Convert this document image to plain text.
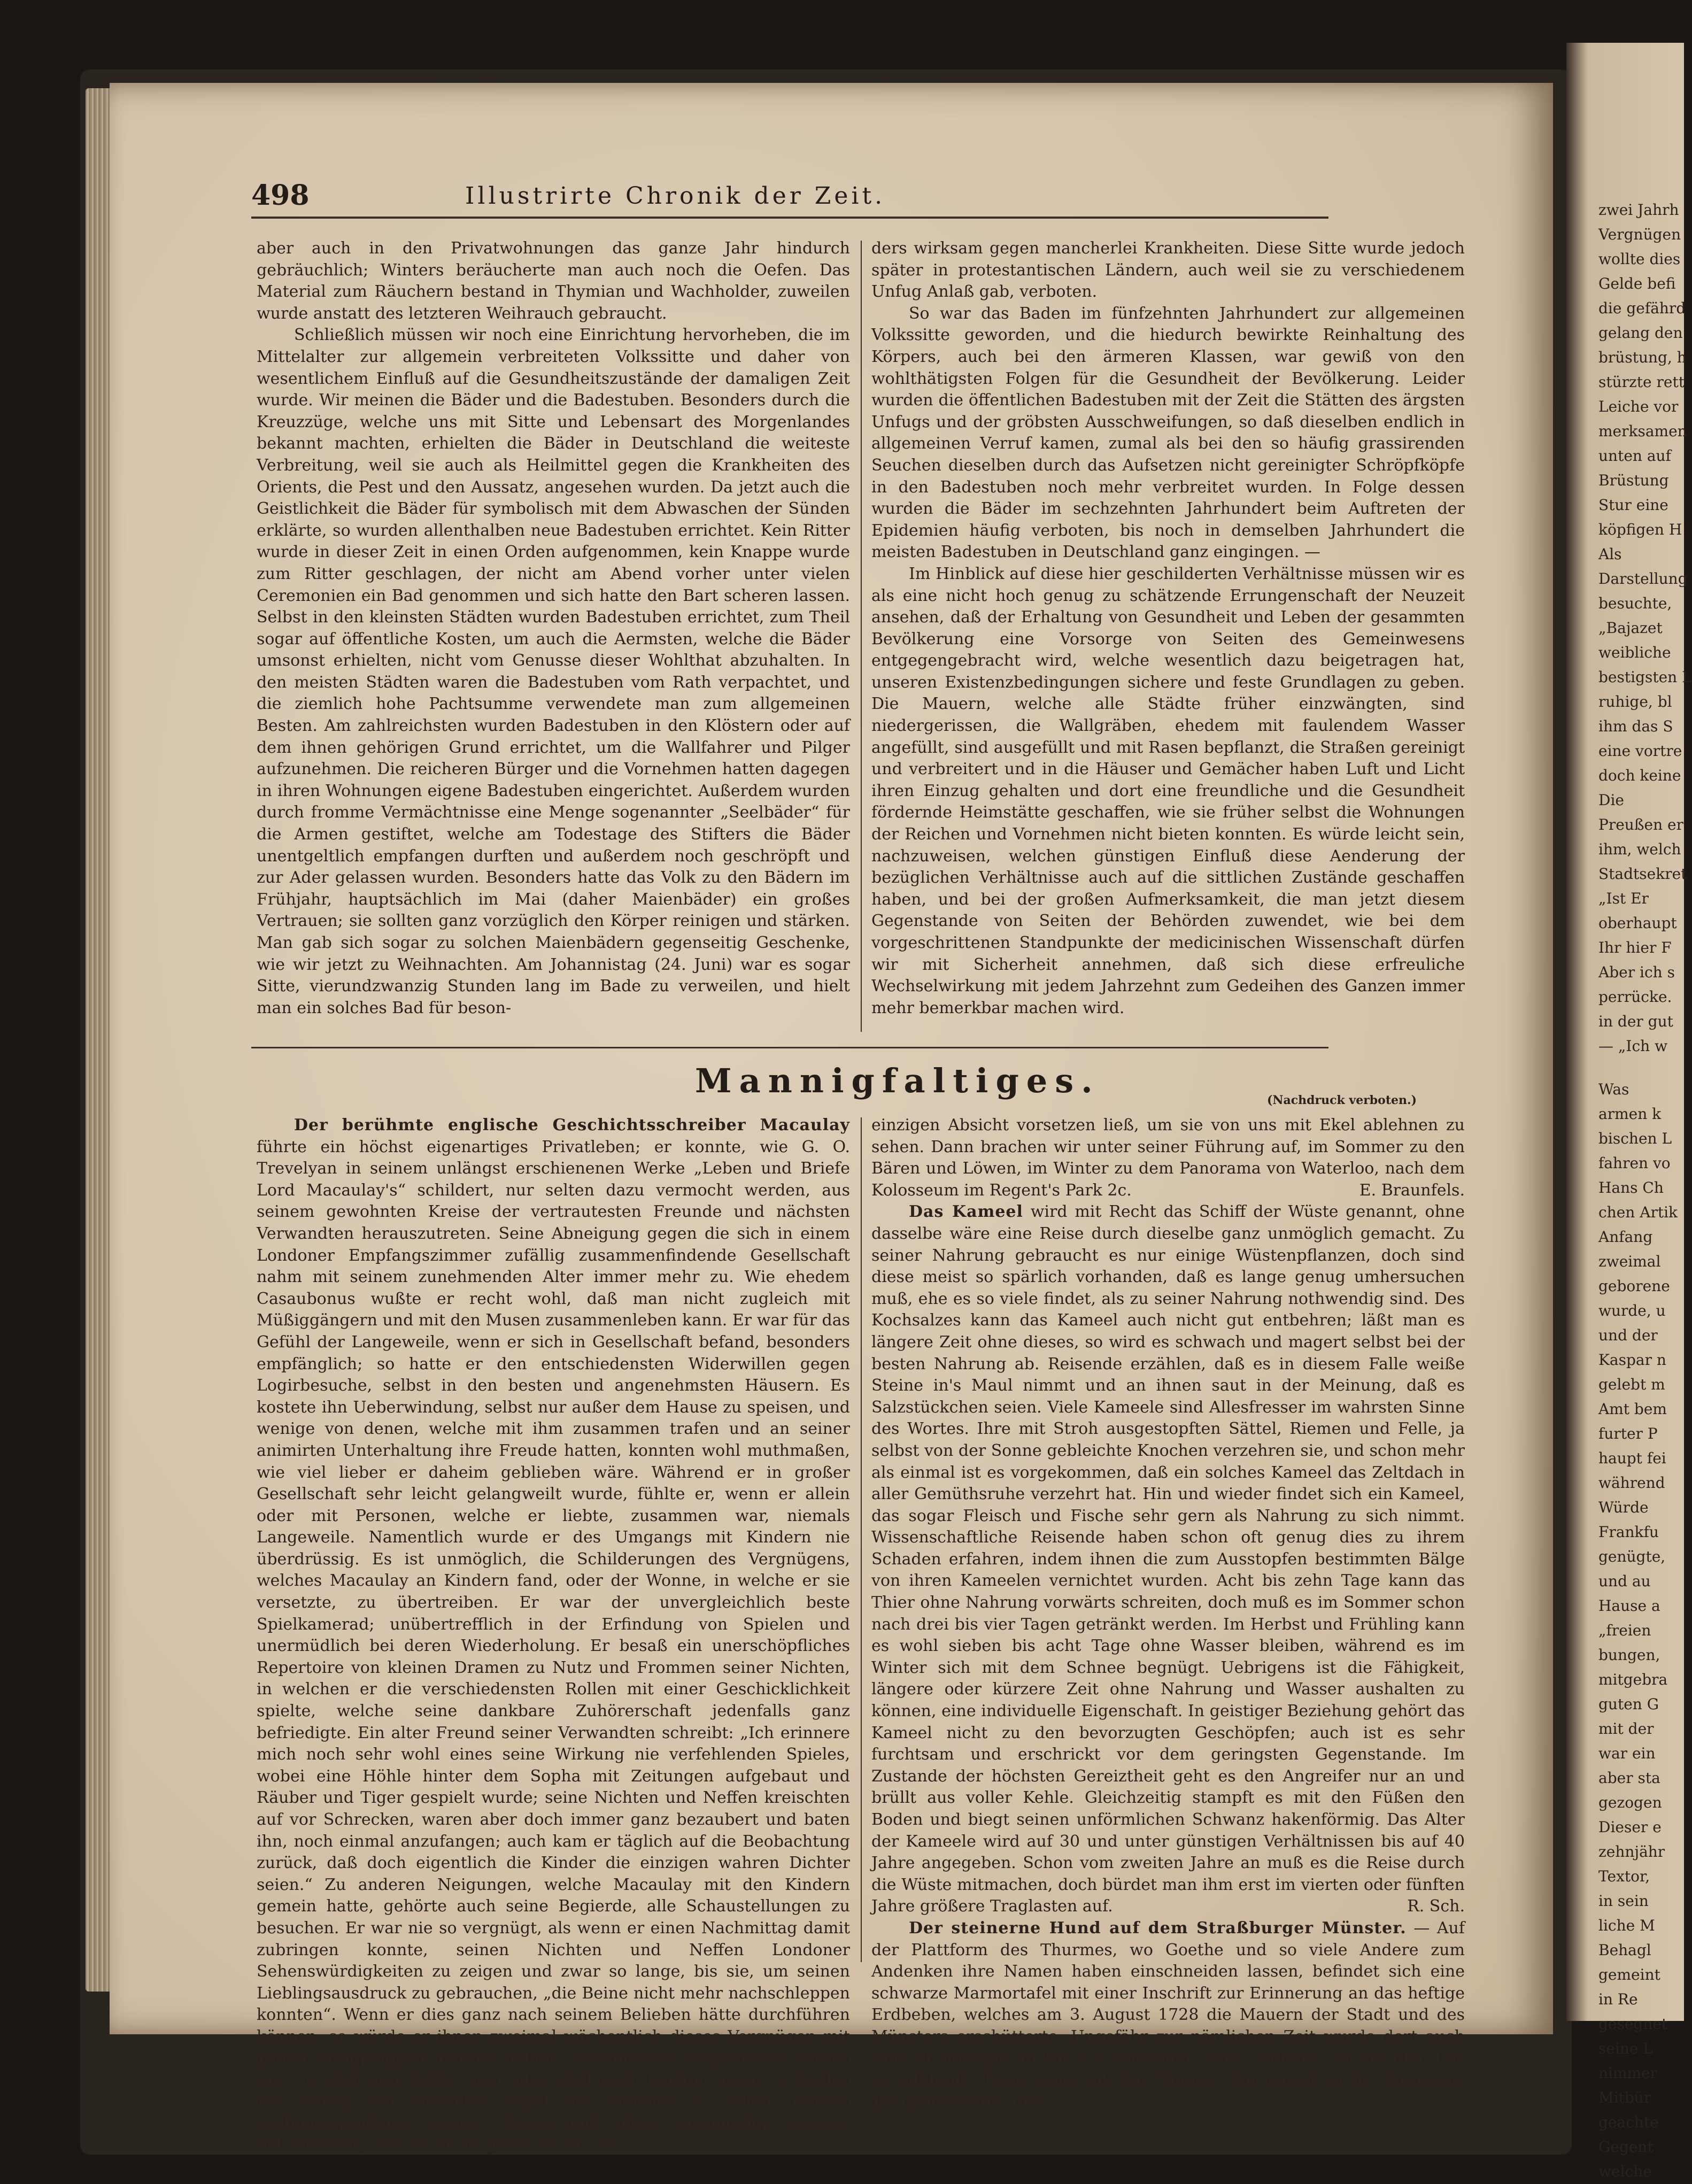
zwei Jahrh
Vergnügen
wollte dies
Gelde befi
die gefährd
gelang den
brüstung,
stürzte rett
Leiche vor
merksamen
unten auf
Brüstung
Stur eine
köpfigen H
Als
Darstellung
besuchte,
„Bajazet
weibliche
bestigsten L
ruhige, bl
ihm das S
eine vortre
doch keine
Die
Preußen er
ihm, welch
Stadtsekret
„Ist Er
oberhaupt
Ihr hier F
Aber ich s
perrücke.
in der gut
— „Ich w
Was
armen k
bischen L
fahren vo
Hans Ch
chen Artik
Anfang
zweimal
geborene
wurde, u
und der
Kaspar n
gelebt m
Amt bem
furter P
haupt fei
während
Würde
Frankfu
genügte,
und au
Hause a
„freien
bungen,
mitgebra
guten G
mit der
war ein
aber sta
gezogen
Dieser e
zehnjähr
Textor,
in sein
liche M
Behagl
gemeint
in Re
gesegnet
seine L
nimmer
Mitbür
geachte
Gegent
welche
498	Illustrirte Chronik der Zeit.

aber auch in den Privatwohnungen das ganze Jahr hindurch gebräuchlich; Winters beräucherte man auch noch die Oefen. Das Material zum Räuchern bestand in Thymian und Wachholder, zuweilen wurde anstatt des letzteren Weihrauch gebraucht.

Schließlich müssen wir noch eine Einrichtung hervorheben, die im Mittelalter zur allgemein verbreiteten Volkssitte und daher von wesentlichem Einfluß auf die Gesundheitszustände der damaligen Zeit wurde. Wir meinen die Bäder und die Badestuben. Besonders durch die Kreuzzüge, welche uns mit Sitte und Lebensart des Morgenlandes bekannt machten, erhielten die Bäder in Deutschland die weiteste Verbreitung, weil sie auch als Heilmittel gegen die Krankheiten des Orients, die Pest und den Aussatz, angesehen wurden. Da jetzt auch die Geistlichkeit die Bäder für symbolisch mit dem Abwaschen der Sünden erklärte, so wurden allenthalben neue Badestuben errichtet. Kein Ritter wurde in dieser Zeit in einen Orden aufgenommen, kein Knappe wurde zum Ritter geschlagen, der nicht am Abend vorher unter vielen Ceremonien ein Bad genommen und sich hatte den Bart scheren lassen. Selbst in den kleinsten Städten wurden Badestuben errichtet, zum Theil sogar auf öffentliche Kosten, um auch die Aermsten, welche die Bäder umsonst erhielten, nicht vom Genusse dieser Wohlthat abzuhalten. In den meisten Städten waren die Badestuben vom Rath verpachtet, und die ziemlich hohe Pachtsumme verwendete man zum allgemeinen Besten. Am zahlreichsten wurden Badestuben in den Klöstern oder auf dem ihnen gehörigen Grund errichtet, um die Wallfahrer und Pilger aufzunehmen. Die reicheren Bürger und die Vornehmen hatten dagegen in ihren Wohnungen eigene Badestuben eingerichtet. Außerdem wurden durch fromme Vermächtnisse eine Menge sogenannter „Seelbäder“ für die Armen gestiftet, welche am Todestage des Stifters die Bäder unentgeltlich empfangen durften und außerdem noch geschröpft und zur Ader gelassen wurden. Besonders hatte das Volk zu den Bädern im Frühjahr, hauptsächlich im Mai (daher Maienbäder) ein großes Vertrauen; sie sollten ganz vorzüglich den Körper reinigen und stärken. Man gab sich sogar zu solchen Maienbädern gegenseitig Geschenke, wie wir jetzt zu Weihnachten. Am Johannistag (24. Juni) war es sogar Sitte, vierundzwanzig Stunden lang im Bade zu verweilen, und hielt man ein solches Bad für beson-

ders wirksam gegen mancherlei Krankheiten. Diese Sitte wurde jedoch später in protestantischen Ländern, auch weil sie zu verschiedenem Unfug Anlaß gab, verboten.

So war das Baden im fünfzehnten Jahrhundert zur allgemeinen Volkssitte geworden, und die hiedurch bewirkte Reinhaltung des Körpers, auch bei den ärmeren Klassen, war gewiß von den wohlthätigsten Folgen für die Gesundheit der Bevölkerung. Leider wurden die öffentlichen Badestuben mit der Zeit die Stätten des ärgsten Unfugs und der gröbsten Ausschweifungen, so daß dieselben endlich in allgemeinen Verruf kamen, zumal als bei den so häufig grassirenden Seuchen dieselben durch das Aufsetzen nicht gereinigter Schröpfköpfe in den Badestuben noch mehr verbreitet wurden. In Folge dessen wurden die Bäder im sechzehnten Jahrhundert beim Auftreten der Epidemien häufig verboten, bis noch in demselben Jahrhundert die meisten Badestuben in Deutschland ganz eingingen. —

Im Hinblick auf diese hier geschilderten Verhältnisse müssen wir es als eine nicht hoch genug zu schätzende Errungenschaft der Neuzeit ansehen, daß der Erhaltung von Gesundheit und Leben der gesammten Bevölkerung eine Vorsorge von Seiten des Gemeinwesens entgegengebracht wird, welche wesentlich dazu beigetragen hat, unseren Existenzbedingungen sichere und feste Grundlagen zu geben. Die Mauern, welche alle Städte früher einzwängten, sind niedergerissen, die Wallgräben, ehedem mit faulendem Wasser angefüllt, sind ausgefüllt und mit Rasen bepflanzt, die Straßen gereinigt und verbreitert und in die Häuser und Gemächer haben Luft und Licht ihren Einzug gehalten und dort eine freundliche und die Gesundheit fördernde Heimstätte geschaffen, wie sie früher selbst die Wohnungen der Reichen und Vornehmen nicht bieten konnten. Es würde leicht sein, nachzuweisen, welchen günstigen Einfluß diese Aenderung der bezüglichen Verhältnisse auch auf die sittlichen Zustände geschaffen haben, und bei der großen Aufmerksamkeit, die man jetzt diesem Gegenstande von Seiten der Behörden zuwendet, wie bei dem vorgeschrittenen Standpunkte der medicinischen Wissenschaft dürfen wir mit Sicherheit annehmen, daß sich diese erfreuliche Wechselwirkung mit jedem Jahrzehnt zum Gedeihen des Ganzen immer mehr bemerkbar machen wird.

Mannigfaltiges.	(Nachdruck verboten.)

Der berühmte englische Geschichtsschreiber Macaulay führte ein höchst eigenartiges Privatleben; er konnte, wie G. O. Trevelyan in seinem unlängst erschienenen Werke „Leben und Briefe Lord Macaulay's“ schildert, nur selten dazu vermocht werden, aus seinem gewohnten Kreise der vertrautesten Freunde und nächsten Verwandten herauszutreten. Seine Abneigung gegen die sich in einem Londoner Empfangszimmer zufällig zusammenfindende Gesellschaft nahm mit seinem zunehmenden Alter immer mehr zu. Wie ehedem Casaubonus wußte er recht wohl, daß man nicht zugleich mit Müßiggängern und mit den Musen zusammenleben kann. Er war für das Gefühl der Langeweile, wenn er sich in Gesellschaft befand, besonders empfänglich; so hatte er den entschiedensten Widerwillen gegen Logirbesuche, selbst in den besten und angenehmsten Häusern. Es kostete ihn Ueberwindung, selbst nur außer dem Hause zu speisen, und wenige von denen, welche mit ihm zusammen trafen und an seiner animirten Unterhaltung ihre Freude hatten, konnten wohl muthmaßen, wie viel lieber er daheim geblieben wäre. Während er in großer Gesellschaft sehr leicht gelangweilt wurde, fühlte er, wenn er allein oder mit Personen, welche er liebte, zusammen war, niemals Langeweile. Namentlich wurde er des Umgangs mit Kindern nie überdrüssig. Es ist unmöglich, die Schilderungen des Vergnügens, welches Macaulay an Kindern fand, oder der Wonne, in welche er sie versetzte, zu übertreiben. Er war der unvergleichlich beste Spielkamerad; unübertrefflich in der Erfindung von Spielen und unermüdlich bei deren Wiederholung. Er besaß ein unerschöpfliches Repertoire von kleinen Dramen zu Nutz und Frommen seiner Nichten, in welchen er die verschiedensten Rollen mit einer Geschicklichkeit spielte, welche seine dankbare Zuhörerschaft jedenfalls ganz befriedigte. Ein alter Freund seiner Verwandten schreibt: „Ich erinnere mich noch sehr wohl eines seine Wirkung nie verfehlenden Spieles, wobei eine Höhle hinter dem Sopha mit Zeitungen aufgebaut und Räuber und Tiger gespielt wurde; seine Nichten und Neffen kreischten auf vor Schrecken, waren aber doch immer ganz bezaubert und baten ihn, noch einmal anzufangen; auch kam er täglich auf die Beobachtung zurück, daß doch eigentlich die Kinder die einzigen wahren Dichter seien.“ Zu anderen Neigungen, welche Macaulay mit den Kindern gemein hatte, gehörte auch seine Begierde, alle Schaustellungen zu besuchen. Er war nie so vergnügt, als wenn er einen Nachmittag damit zubringen konnte, seinen Nichten und Neffen Londoner Sehenswürdigkeiten zu zeigen und zwar so lange, bis sie, um seinen Lieblingsausdruck zu gebrauchen, „die Beine nicht mehr nachschleppen konnten“. Wenn er dies ganz nach seinem Belieben hätte durchführen können, so würde er ihnen zweimal wöchentlich dieses Vergnügen mit großer Freigebigkeit bereitet haben. „Bei diesen Gelegenheiten fuhren wir“, erzählt sein Neffe, „bei guter Zeit nach London hinein, erhielten um Mittag ein köstliches Mahl, bei welchem zu allen unseren Lieblingsgerichten Austern, Kaviar und Oliven hinzugefügt wurden, Delikatessen, welche er uns jedes Mal in der

einzigen Absicht vorsetzen ließ, um sie von uns mit Ekel ablehnen zu sehen. Dann brachen wir unter seiner Führung auf, im Sommer zu den Bären und Löwen, im Winter zu dem Panorama von Waterloo, nach dem Kolosseum im Regent's Park 2c.	E. Braunfels.

Das Kameel wird mit Recht das Schiff der Wüste genannt, ohne dasselbe wäre eine Reise durch dieselbe ganz unmöglich gemacht. Zu seiner Nahrung gebraucht es nur einige Wüstenpflanzen, doch sind diese meist so spärlich vorhanden, daß es lange genug umhersuchen muß, ehe es so viele findet, als zu seiner Nahrung nothwendig sind. Des Kochsalzes kann das Kameel auch nicht gut entbehren; läßt man es längere Zeit ohne dieses, so wird es schwach und magert selbst bei der besten Nahrung ab. Reisende erzählen, daß es in diesem Falle weiße Steine in's Maul nimmt und an ihnen saut in der Meinung, daß es Salzstückchen seien. Viele Kameele sind Allesfresser im wahrsten Sinne des Wortes. Ihre mit Stroh ausgestopften Sättel, Riemen und Felle, ja selbst von der Sonne gebleichte Knochen verzehren sie, und schon mehr als einmal ist es vorgekommen, daß ein solches Kameel das Zeltdach in aller Gemüthsruhe verzehrt hat. Hin und wieder findet sich ein Kameel, das sogar Fleisch und Fische sehr gern als Nahrung zu sich nimmt. Wissenschaftliche Reisende haben schon oft genug dies zu ihrem Schaden erfahren, indem ihnen die zum Ausstopfen bestimmten Bälge von ihren Kameelen vernichtet wurden. Acht bis zehn Tage kann das Thier ohne Nahrung vorwärts schreiten, doch muß es im Sommer schon nach drei bis vier Tagen getränkt werden. Im Herbst und Frühling kann es wohl sieben bis acht Tage ohne Wasser bleiben, während es im Winter sich mit dem Schnee begnügt. Uebrigens ist die Fähigkeit, längere oder kürzere Zeit ohne Nahrung und Wasser aushalten zu können, eine individuelle Eigenschaft. In geistiger Beziehung gehört das Kameel nicht zu den bevorzugten Geschöpfen; auch ist es sehr furchtsam und erschrickt vor dem geringsten Gegenstande. Im Zustande der höchsten Gereiztheit geht es den Angreifer nur an und brüllt aus voller Kehle. Gleichzeitig stampft es mit den Füßen den Boden und biegt seinen unförmlichen Schwanz hakenförmig. Das Alter der Kameele wird auf 30 und unter günstigen Verhältnissen bis auf 40 Jahre angegeben. Schon vom zweiten Jahre an muß es die Reise durch die Wüste mitmachen, doch bürdet man ihm erst im vierten oder fünften Jahre größere Traglasten auf.	R. Sch.

Der steinerne Hund auf dem Straßburger Münster. — Auf der Plattform des Thurmes, wo Goethe und so viele Andere zum Andenken ihre Namen haben einschneiden lassen, befindet sich eine schwarze Marmortafel mit einer Inschrift zur Erinnerung an das heftige Erdbeben, welches am 3. August 1728 die Mauern der Stadt und des Münsters erschütterte. Ungefähr zur nämlichen Zeit wurde dort auch eine Hundefigur in Stein ausgehauen, zum Andenke an die den Tod verachtende Treue eines solchen Thieres. Ein excentrischer Franzose, der gehört hatte, daß
